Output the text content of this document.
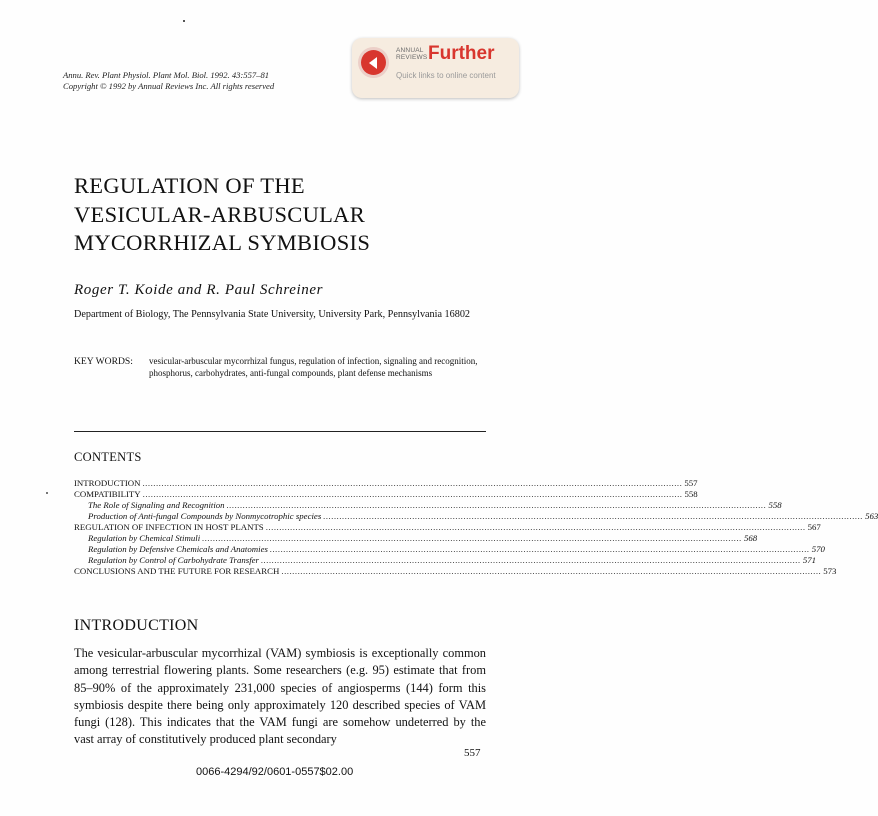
Annu. Rev. Plant Physiol. Plant Mol. Biol. 1992. 43:557–81
Copyright © 1992 by Annual Reviews Inc. All rights reserved
ANNUAL
REVIEWS Further
Quick links to online content
REGULATION OF THE
VESICULAR-ARBUSCULAR
MYCORRHIZAL SYMBIOSIS
Roger T. Koide and R. Paul Schreiner
Department of Biology, The Pennsylvania State University, University Park, Pennsylvania 16802
KEY WORDS: vesicular-arbuscular mycorrhizal fungus, regulation of infection, signaling and recognition, phosphorus, carbohydrates, anti-fungal compounds, plant defense mechanisms
CONTENTS
INTRODUCTION ........................................................................................................................................................................................................ 557
COMPATIBILITY ........................................................................................................................................................................................................ 558
The Role of Signaling and Recognition ........................................................................................................................................................................................................ 558
Production of Anti-fungal Compounds by Nonmycotrophic species ........................................................................................................................................................................................................ 563
REGULATION OF INFECTION IN HOST PLANTS ........................................................................................................................................................................................................ 567
Regulation by Chemical Stimuli ........................................................................................................................................................................................................ 568
Regulation by Defensive Chemicals and Anatomies ........................................................................................................................................................................................................ 570
Regulation by Control of Carbohydrate Transfer ........................................................................................................................................................................................................ 571
CONCLUSIONS AND THE FUTURE FOR RESEARCH ........................................................................................................................................................................................................ 573
INTRODUCTION
The vesicular-arbuscular mycorrhizal (VAM) symbiosis is exceptionally common among terrestrial flowering plants. Some researchers (e.g. 95) estimate that from 85–90% of the approximately 231,000 species of angiosperms (144) form this symbiosis despite there being only approximately 120 described species of VAM fungi (128). This indicates that the VAM fungi are somehow undeterred by the vast array of constitutively produced plant secondary
557
0066-4294/92/0601-0557$02.00
